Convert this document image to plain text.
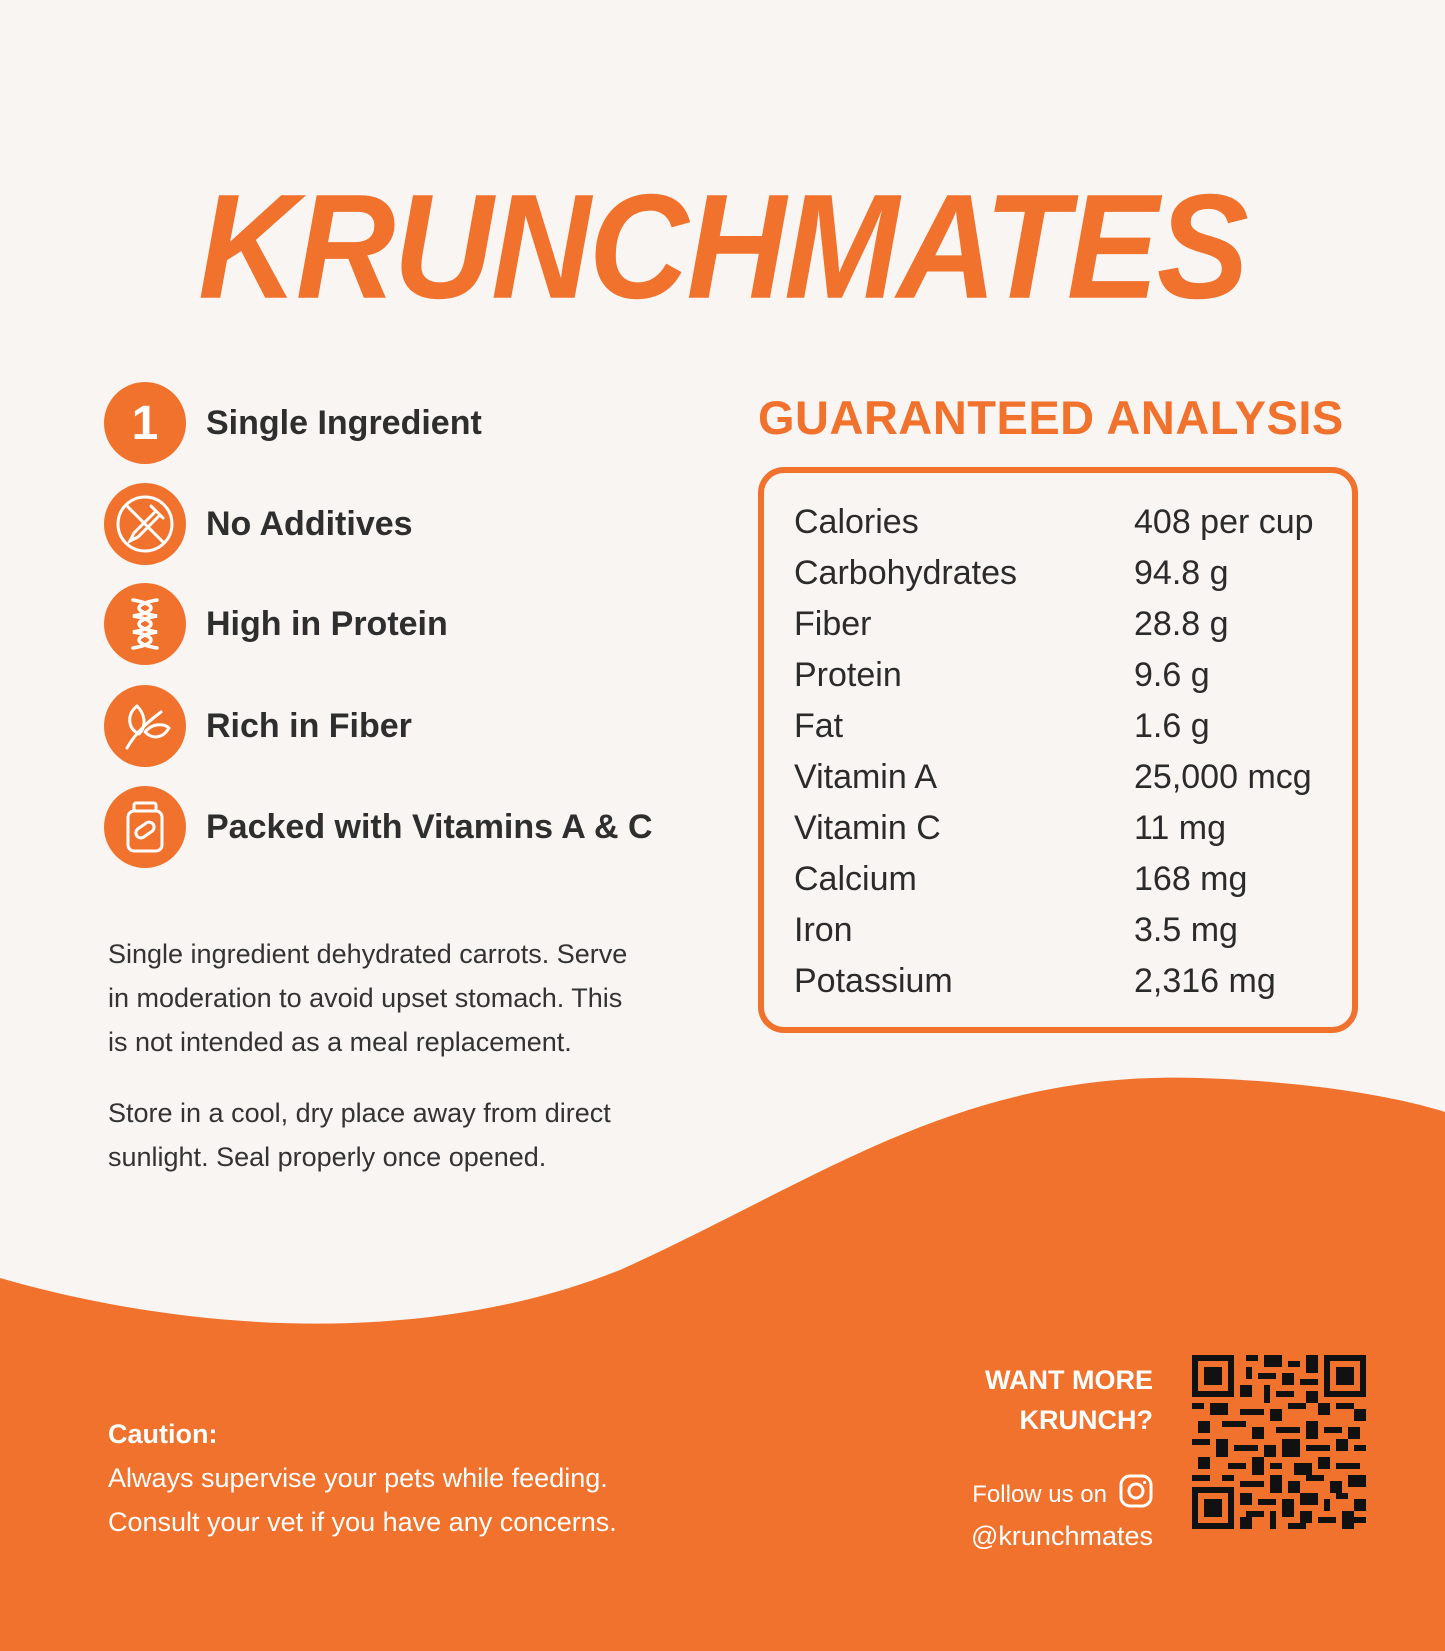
KRUNCHMATES
1 Single Ingredient
No Additives
High in Protein
Rich in Fiber
Packed with Vitamins A & C
Single ingredient dehydrated carrots. Serve
in moderation to avoid upset stomach. This
is not intended as a meal replacement.
Store in a cool, dry place away from direct
sunlight. Seal properly once opened.
GUARANTEED ANALYSIS
Calories	408 per cup
Carbohydrates	94.8 g
Fiber	28.8 g
Protein	9.6 g
Fat	1.6 g
Vitamin A	25,000 mcg
Vitamin C	11 mg
Calcium	168 mg
Iron	3.5 mg
Potassium	2,316 mg
Caution:
Always supervise your pets while feeding.
Consult your vet if you have any concerns.
WANT MORE
KRUNCH?
Follow us on
@krunchmates
